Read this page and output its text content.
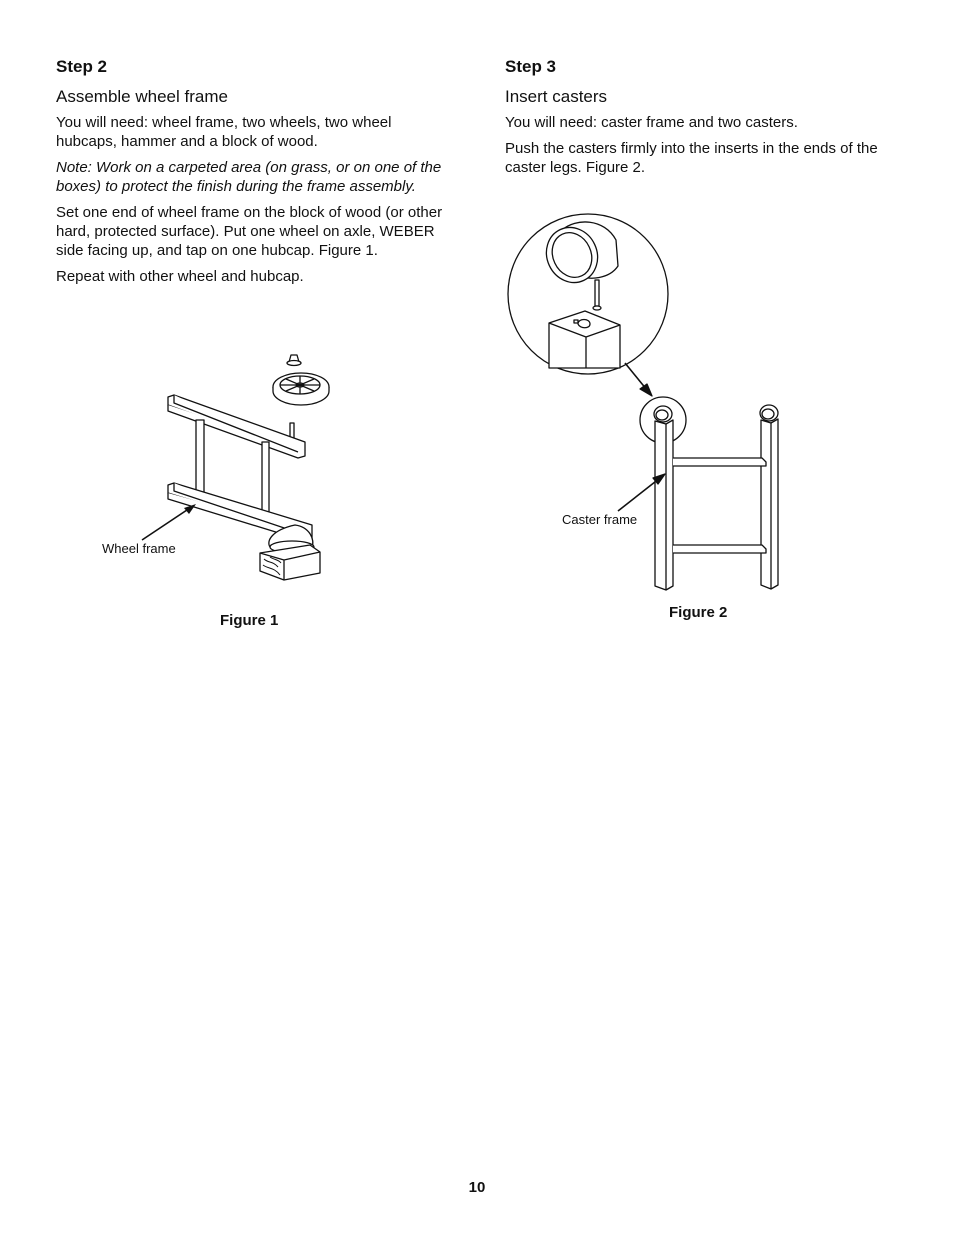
Step 2
Assemble wheel frame

You will need: wheel frame, two wheels, two wheel hubcaps, hammer and a block of wood.

Note: Work on a carpeted area (on grass, or on one of the boxes) to protect the finish during the frame assembly.

Set one end of wheel frame on the block of wood (or other hard, protected surface). Put one wheel on axle, WEBER side facing up, and tap on one hubcap. Figure 1.

Repeat with other wheel and hubcap.

Step 3
Insert casters

You will need: caster frame and two casters.

Push the casters firmly into the inserts in the ends of the caster legs. Figure 2.

Wheel frame
Figure 1
Caster frame
Figure 2
10
